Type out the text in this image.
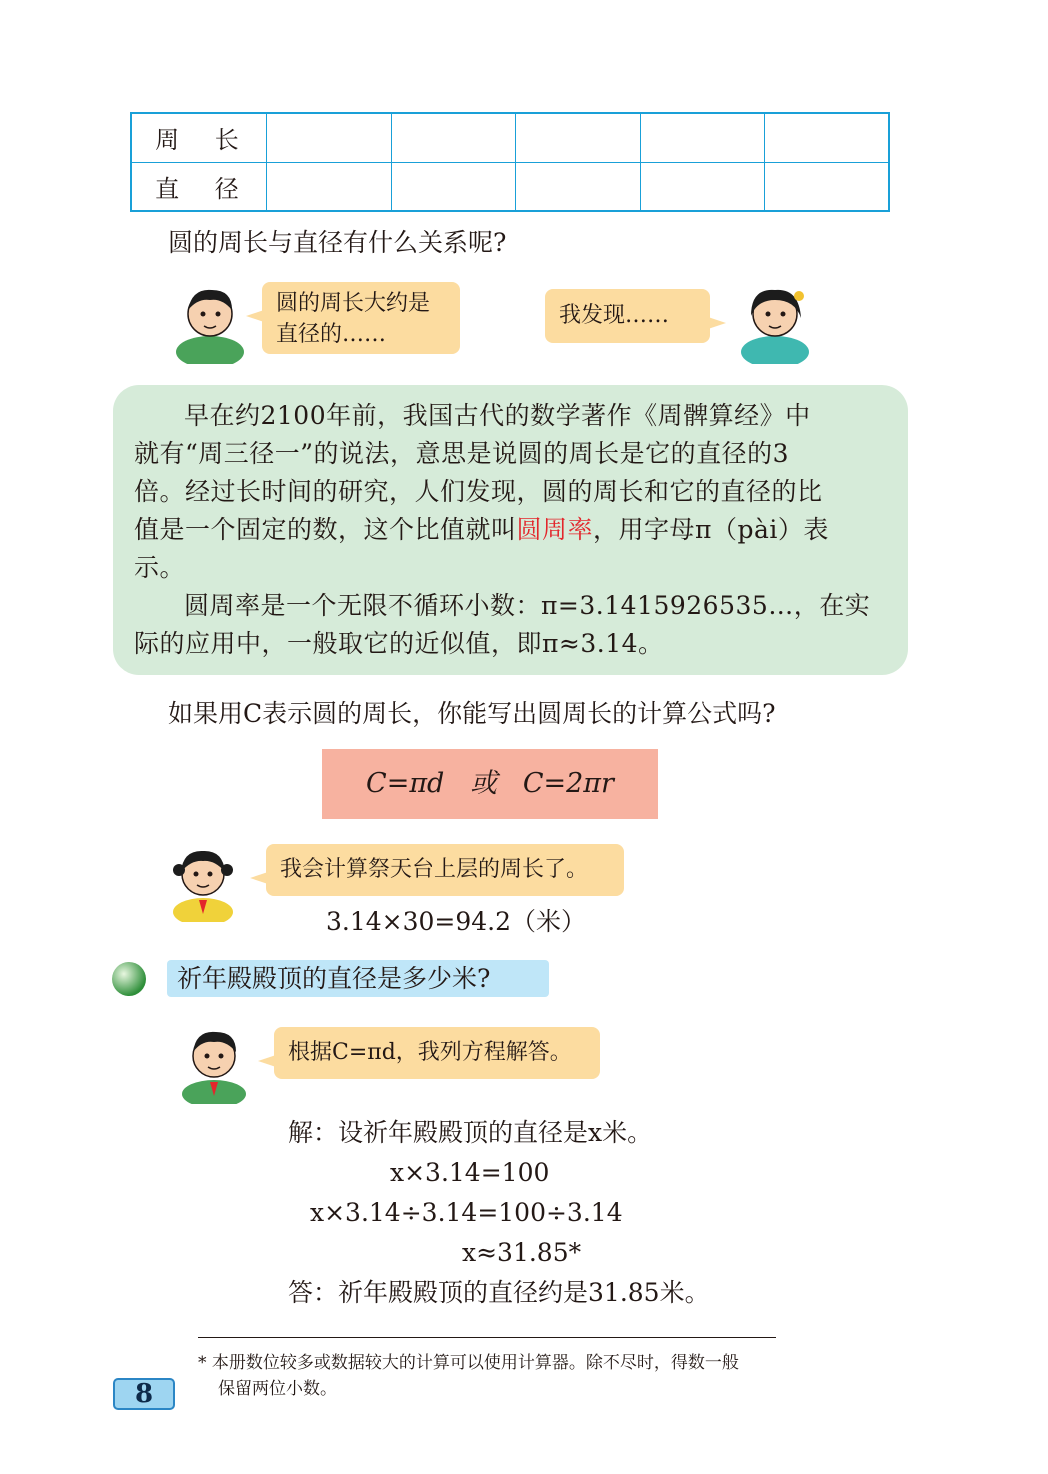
周 长					
直 径					
圆的周长与直径有什么关系呢?
圆的周长大约是
直径的……
我发现……
早在约2100年前，我国古代的数学著作《周髀算经》中
就有“周三径一”的说法，意思是说圆的周长是它的直径的3
倍。经过长时间的研究，人们发现，圆的周长和它的直径的比
值是一个固定的数，这个比值就叫圆周率，用字母π（pài）表
示。
圆周率是一个无限不循环小数：π=3.1415926535…，在实
际的应用中，一般取它的近似值，即π≈3.14。
如果用C表示圆的周长，你能写出圆周长的计算公式吗?
C=πd   或   C=2πr
我会计算祭天台上层的周长了。
3.14×30=94.2（米）
祈年殿殿顶的直径是多少米?
根据C=πd，我列方程解答。
解：设祈年殿殿顶的直径是x米。
x×3.14=100
x×3.14÷3.14=100÷3.14
x≈31.85*
答：祈年殿殿顶的直径约是31.85米。
* 本册数位较多或数据较大的计算可以使用计算器。除不尽时，得数一般
保留两位小数。
8
